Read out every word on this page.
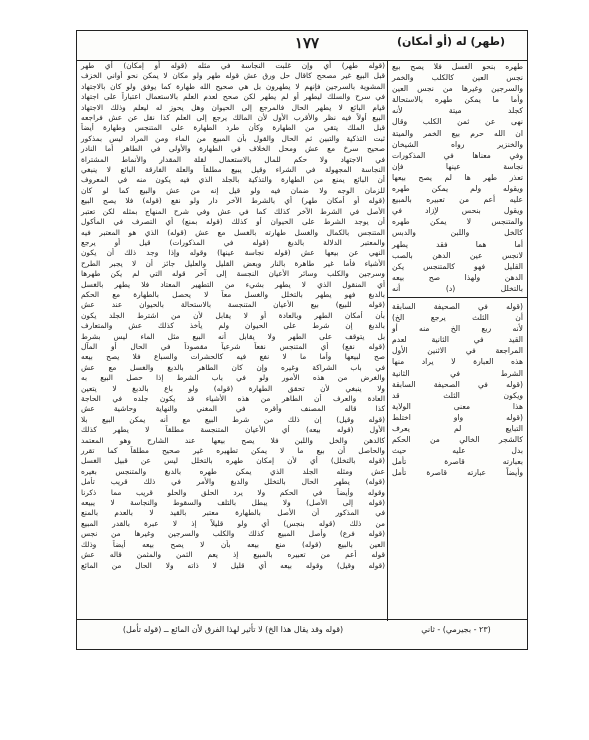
(طهر) له (أو أمكان)
١٧٧
طهره بنحو الغسل فلا يصح بيع
نجس العين كالكلب والخمر
والسرجين وغيرها من نجس العين
وأما ما يمكن طهره بالاستحالة
كجلد ميتة لأنه
نهى عن ثمن الكلب وقال
ان الله حرم بيع الخمر والميتة
والخنزير رواه الشيخان
وفي معناها في المذكورات
نجاسة عينها فإن
تعذر طهر ها لم يصح بيعها
ويقوله ولم يمكن طهره
عليه أعم من تعبيره بالمبيع
ويقول بنحس لإزاد في
والمتنجس لا يمكن طهره
كالخل واللبن والدبس
أما هما فقد يطهر
لانجس عين الدهن بالصب
القليل فهو كالمتنجس يكن
الدهن ولهذا صح بيعه
بالتخلل (د) أنه
(قوله في الصحيفة السابقة
أن الثلث يرجع الخ)
لأنه ربع الخ منه أو
القيد في الثانية لعدم
المراجعة في الاثنين الأول
هذه العبارة لا يراد منها
الشرط في الثانية
(قوله في الصحيفة السابقة
ويكون الثلث قد
هذا معنى الولاية
(قوله واو اختلط
التبايع لم يعرف
كالشجر الخالي من الحكم
بدل عليه حيث
بعبارته قاصرة تأمل
وأيضاً عبارته قاصرة تأمل
(قوله طهر) أي وإن غلبت النجاسة في مثله (قوله أو إمكان) أي طهر
قبل البيع غير مصحح كاقال حل ورق عش قوله طهر ولو مكان لا يمكن نحو أواني الخزف
المشوية بالسرجين فإنهم لا يطهرون بل هي صحيح الله طهارة كما يوفق ولو كان بالاجتهاد
في سرح والسلك ليطهر أو لم يطهر لكن صحح لعدم العلم بالاستعمال اعتباراً على اجتهاد
قيام البائع لا يطهر الحال فالمرجع إلى الحيوان وهل يحوز له ليعلم وذلك الاجتهاد
البيع أولاً فيه نظر والأقرب الأول لأن المالك يرجع إلى العلم كذا نقل عن عش فراجعه
قبل الملك يتقي من الطهارة وكأن طرد الطهارة على المتنجس وطهارة أيضاً
ثبت التذكية والتبين ثم الحال والقول بأن المبيع من الماء ومن المراد ليس بمذكور
صحيح سرخ مع عش ومحل الخلاف في الطهارة والأولى في الطاهر أما النادر
في الاجتهاد ولا حكم للمال بالاستعمال لقلة المقدار والأنماط المشتراة
النجاسة المجهولة في الشراء وقيل يبيع مطلقاً والعلة الفارقة البائع لا ينبغي
أن البائع يمنع من الطهارة والتذكية بالجلد الذي فيه يكون منه في المعروف
للزمان الوجه ولا ضمان فيه ولو قيل إنه من عش والبيع كما لو كان
(قوله أو أمكان طهر) أي بالشرط الآخر دار ولو نفع (قوله) فلا يصح البيع
الأصل في الشرط الآخر كذلك كما في عش وفي شرح المنهاج بمثله لكن تعتبر
أن يوجد الشرط على الحيوان أو كذلك (قوله بمنع) أي التصرف في المأكول
المتنجس بالكمال والغسل طهارته بالغسل مع عش (قوله) الذي هو المعتبر فيه
والمعتبر الدلالة بالدبغ (قوله في المذكورات) قيل أو يرجع
النهي عن بيعها عش (قوله نجاسة عينها) وقوله وإذا وجد ذلك أن يكون
الأشياء فأما غير طاهرة بالنار وبعض القليل والعليل جائز أن لا يجبر الطرح
وسرجين والكلب وسائر الأعيان النجسة إلى آخر قوله التي لم يكن طهرها
أي المنقول الذي لا يطهر بشيء من التطهير المعتاد فلا يطهر بالغسل
بالدبغ فهو يطهر بالتخلل والغسل معاً لا يحصل بالطهارة مع الحكم
(قوله للبيع) بيع الأعيان المتنجسة بالاستحالة بالحيوان عند عش
بأن أمكان الطهر وبالعادة أو لا يقابل لأن من اشترط الجلد يكون
بالدبغ إن شرط على الحيوان ولم يأخذ كذلك عش والمتعارف
بل يتوقف على الطهر ولا يقابل أنه البيع مثل الماء ليس بشرط
(قوله نفع) أي المتنجس نفعاً شرعياً مقصوداً في الحال أو المآل
صح لبيعها وأما ما لا نفع فيه كالحشرات والسباع فلا يصح بيعه
في باب الشراكة وغيره وإن كان الطاهر بالدبغ والغسل مع عش
والغرض من هذه الأمور ولو في باب الشرط إذا حصل البيع به
ولا ينبغي لأن تحقق الطهارة (قوله) ولو باع بالدبغ لا يتعين
العادة والعرف أن الطاهر من هذه الأشياء قد يكون جلده في الحاجة
كذا قاله المصنف وأقره في المغني والنهاية وحاشية عش
(قوله وقيل) إن ذلك من شرط البيع مع أنه يمكن البيع بلا
الأول (قوله بيعه) أي الأعيان المتنجسة مطلقاً لا يطهر كذلك
كالدهن والخل واللبن فلا يصح بيعها عند الشارح وهو المعتمد
والحاصل أن بيع ما لا يمكن تطهيره غير صحيح مطلقاً كما تقرر
(قوله بالتخلل) أي لأن إمكان طهره بالتخلل ليس عن قبيل الغسل
عش ومثله الجلد الذي يمكن طهره بالدبغ والمتنجس بغيره
(قوله) يطهر الحال بالتخلل والدبغ والأمر في ذلك قريب تأمل
وقوله وأيضاً في الحكم ولا يرد الحلق والحلو قريب مما ذكرنا
(قوله إلى الأصل) ولا يبطل بالتلف والسقوط والنجاسة لا يبيعه
في المذكور أن الأصل بالطهارة معتبر بالقيد لا بالعدم بالمنع
من ذلك (قوله بنجس) أي ولو قليلاً إذ لا عبرة بالقدر المبيع
(قوله فرع) وأصل المبيع كذلك والكلب والسرجين وغيرها من نجس
العين بالبيع (قوله) منع بيعه بأن لا يصح بيعه أيضاً وذلك
قوله أعم من تعبيره بالمبيع إذ يعم الثمن والمثمن قاله عش
(قوله وقيل) وقوله بيعه أي قليل لا ذاته ولا الحال من المائع
(قوله وقد يقال هذا الخ) لا تأثير لهذا الفرق لأن المائع ــ (قوله تأمل)	(٢٣ - بجيرمي) - ثاني
